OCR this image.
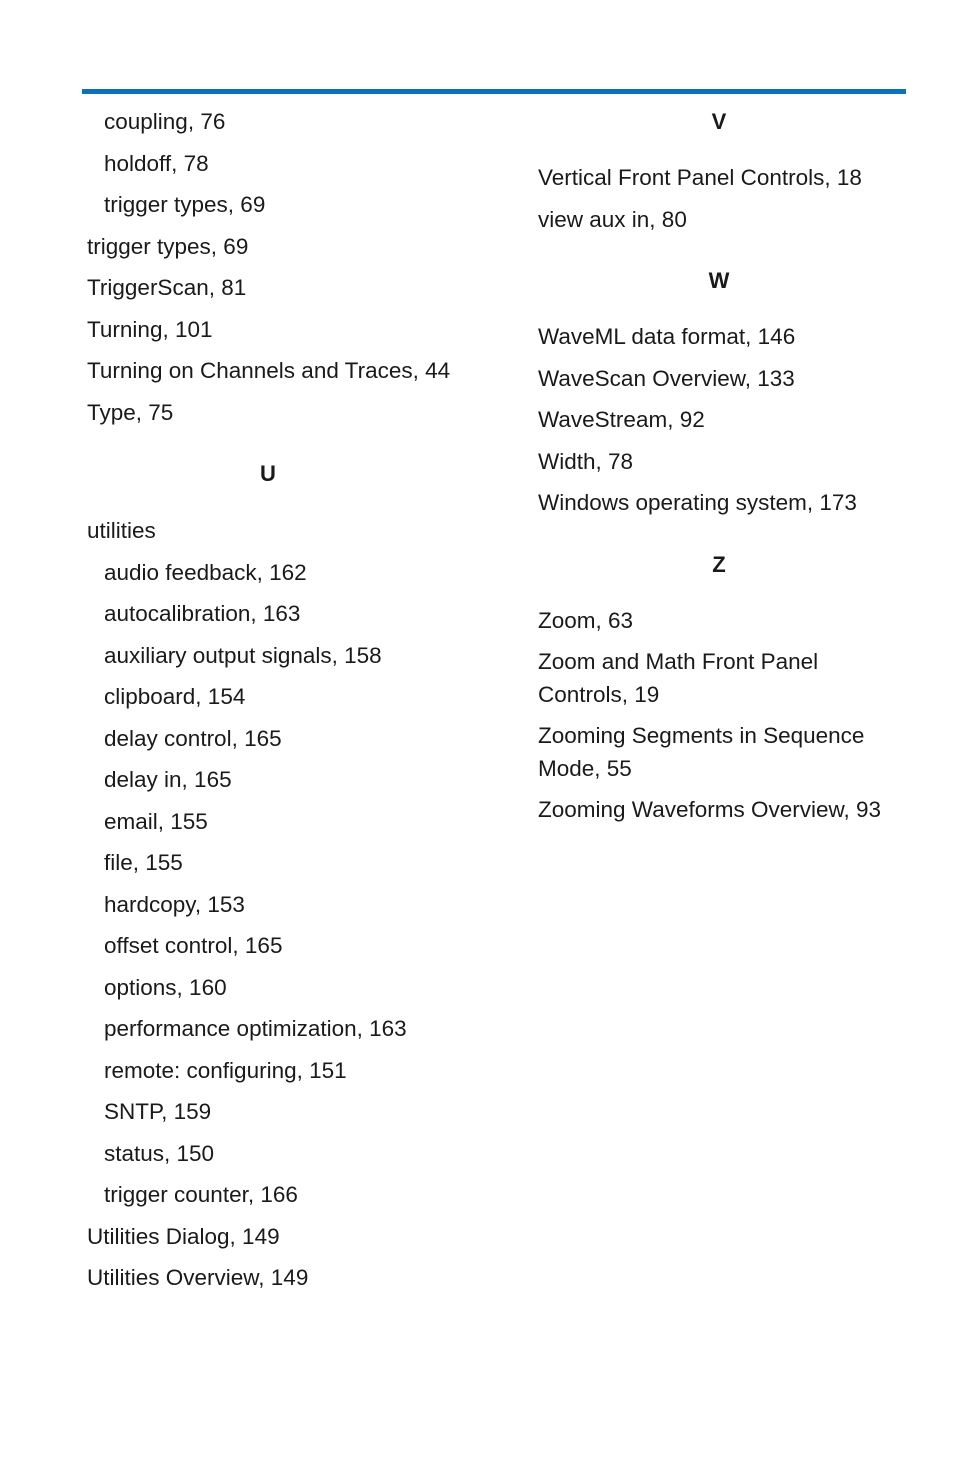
coupling, 76
holdoff, 78
trigger types, 69
trigger types, 69
TriggerScan, 81
Turning, 101
Turning on Channels and Traces, 44
Type, 75
U
utilities
audio feedback, 162
autocalibration, 163
auxiliary output signals, 158
clipboard, 154
delay control, 165
delay in, 165
email, 155
file, 155
hardcopy, 153
offset control, 165
options, 160
performance optimization, 163
remote: configuring, 151
SNTP, 159
status, 150
trigger counter, 166
Utilities Dialog, 149
Utilities Overview, 149
V
Vertical Front Panel Controls, 18
view aux in, 80
W
WaveML data format, 146
WaveScan Overview, 133
WaveStream, 92
Width, 78
Windows operating system, 173
Z
Zoom, 63
Zoom and Math Front Panel Controls, 19
Zooming Segments in Sequence Mode, 55
Zooming Waveforms Overview, 93
